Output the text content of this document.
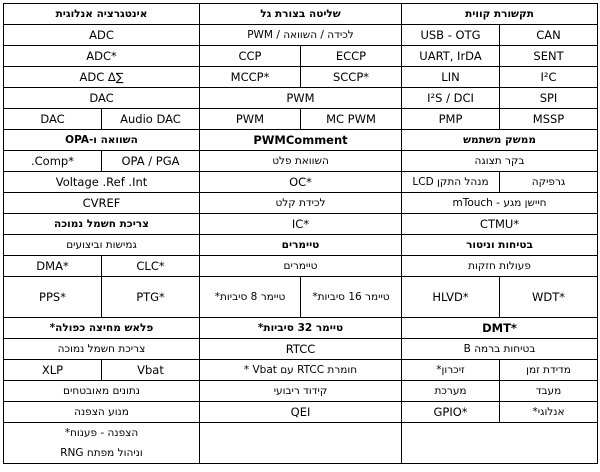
אינטגרציה אנלוגית		שליטה בצורת גל		תקשורת קווית	
ADC		לכידה / השוואה / PWM		USB - OTG	CAN
ADC*		CCP	ECCP	UART, IrDA	SENT
ADC Δ∑		MCCP*	SCCP*	LIN	I²C
DAC		PWM		I²S / DCI	SPI
DAC	Audio DAC	PWM	MC PWM	PMP	MSSP
השוואה ו-OPA		PWMComment		ממשק משתמש	
.Comp*	OPA / PGA	השוואת פלט		בקר תצוגה	
Voltage .Ref .Int		OC*		מנהל התקן LCD	גרפיקה
CVREF		לכידת קלט		mTouch - חיישן מגע	
צריכת חשמל נמוכה		IC*		CTMU*	
גמישות וביצועים		טיימרים		בטיחות וניטור	
DMA*	CLC*	טיימרים		פעולות חזקות	
PPS*	PTG*	טיימר 8 סיביות*	טיימר 16 סיביות*	HLVD*	WDT*
פלאש מחיצה כפולה*		טיימר 32 סיביות*		DMT*	
צריכת חשמל נמוכה		RTCC		בטיחות ברמה B	
XLP	Vbat	חומרת RTCC עם Vbat *		זיכרון*	מדידת זמן
נתונים מאובטחים		קידוד ריבועי		מערכת	מעבד
מנוע הצפנה		QEI		GPIO*	אנלוגי*

הצפנה - פענוח*
RNG וניהול מפתח					
